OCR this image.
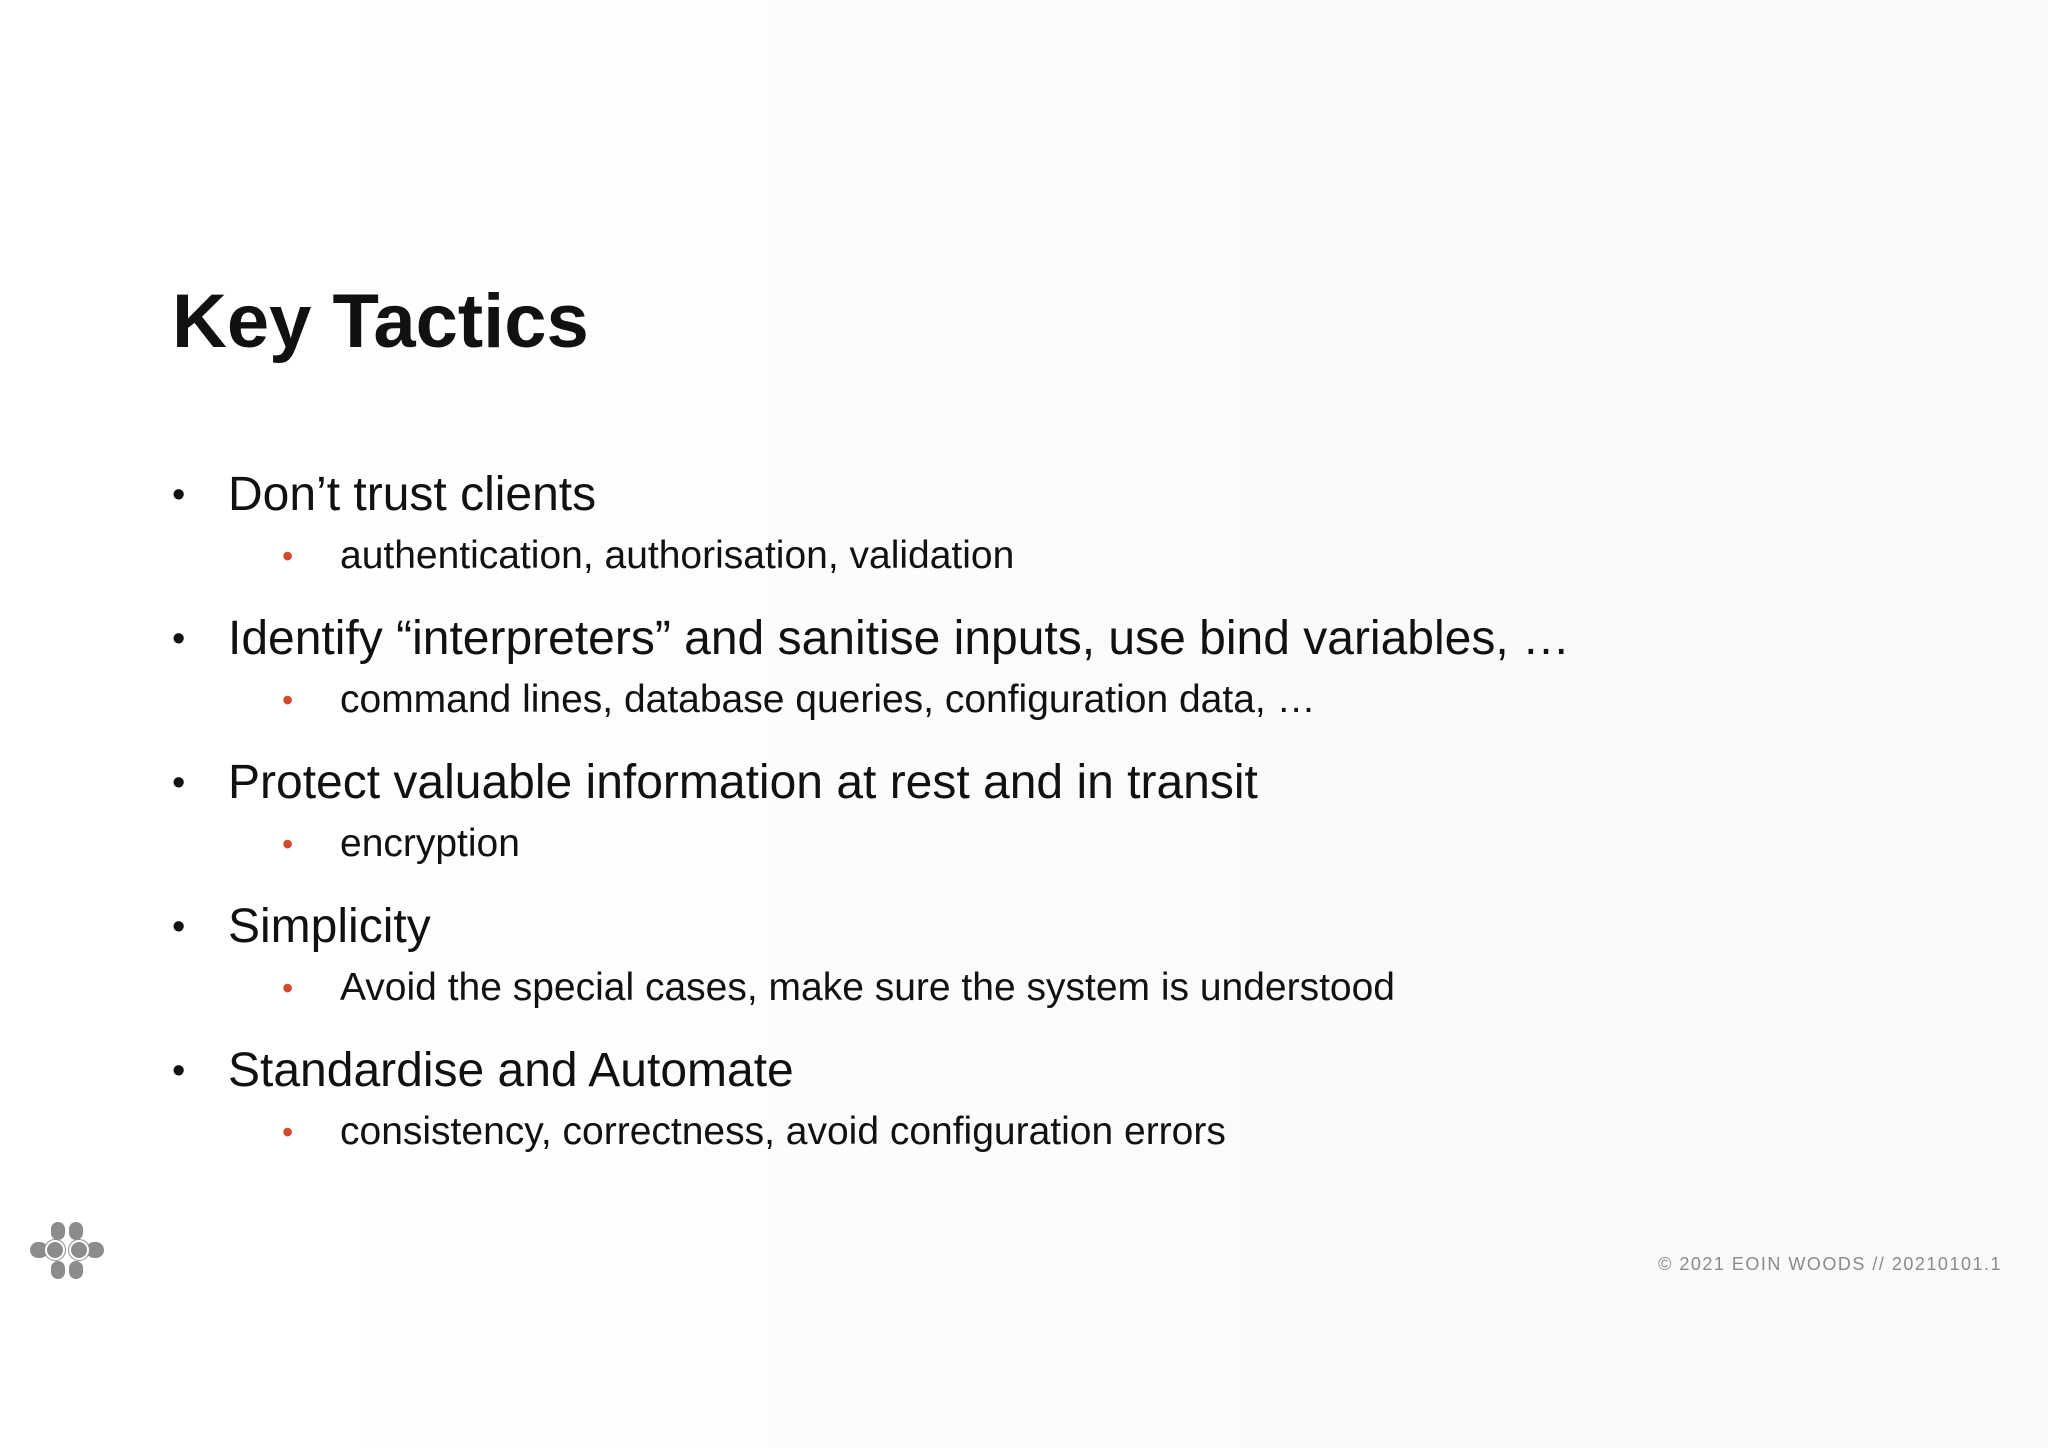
Key Tactics
• Don’t trust clients
• authentication, authorisation, validation
• Identify “interpreters” and sanitise inputs, use bind variables, …
• command lines, database queries, configuration data, …
• Protect valuable information at rest and in transit
• encryption
• Simplicity
• Avoid the special cases, make sure the system is understood
• Standardise and Automate
• consistency, correctness, avoid configuration errors
© 2021 EOIN WOODS // 20210101.1
